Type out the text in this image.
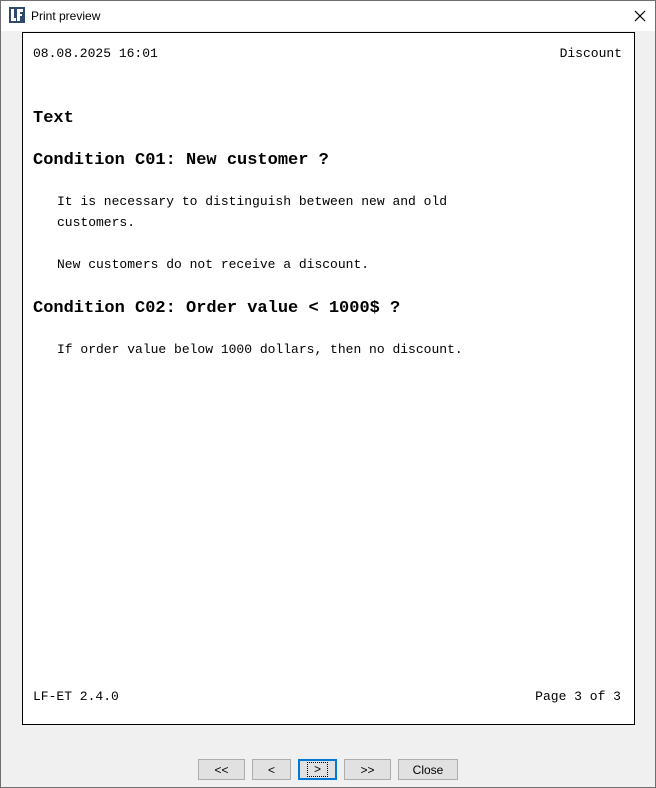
Print preview
08.08.2025 16:01	Discount
Text
Condition C01: New customer ?
It is necessary to distinguish between new and old
customers.
New customers do not receive a discount.
Condition C02: Order value < 1000$ ?
If order value below 1000 dollars, then no discount.
LF-ET 2.4.0	Page 3 of 3
<<	<	>	>>	Close
